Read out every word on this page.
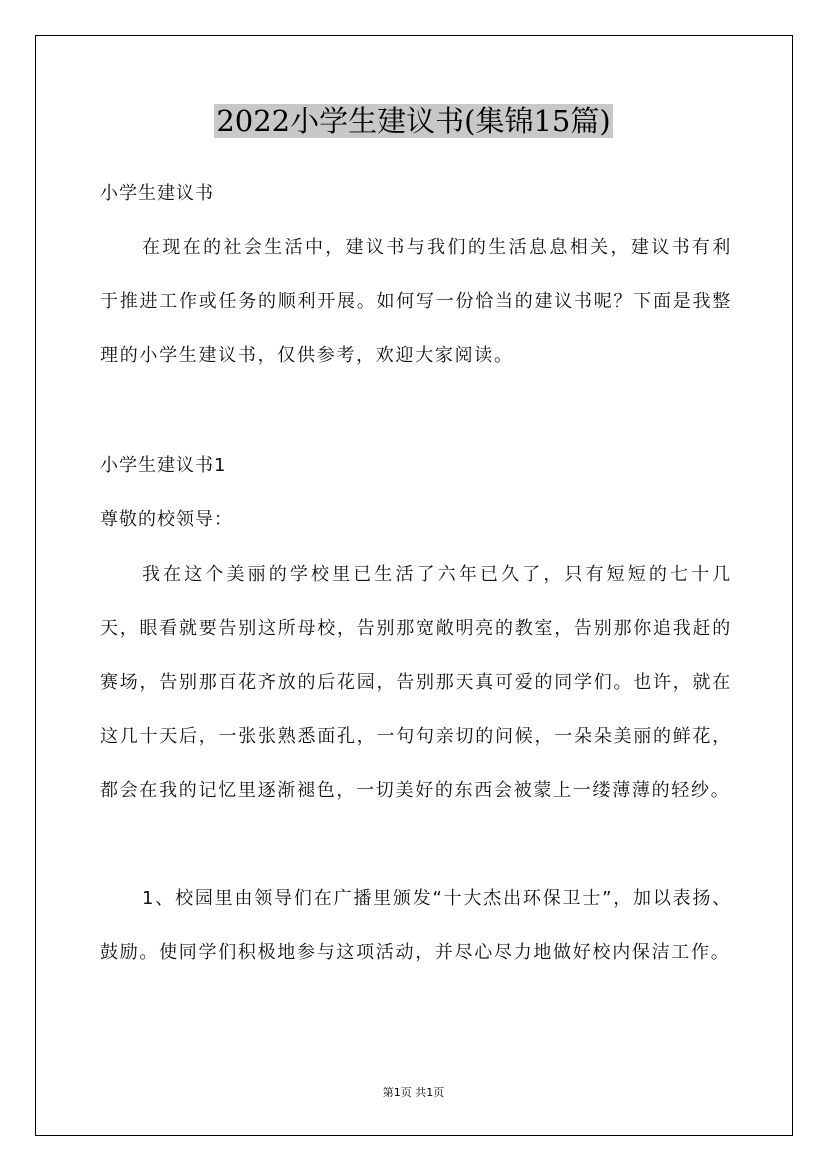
2022小学生建议书(集锦15篇)

小学生建议书

在现在的社会生活中，建议书与我们的生活息息相关，建议书有利于推进工作或任务的顺利开展。如何写一份恰当的建议书呢？下面是我整理的小学生建议书，仅供参考，欢迎大家阅读。

小学生建议书1

尊敬的校领导：

我在这个美丽的学校里已生活了六年已久了，只有短短的七十几天，眼看就要告别这所母校，告别那宽敞明亮的教室，告别那你追我赶的赛场，告别那百花齐放的后花园，告别那天真可爱的同学们。也许，就在这几十天后，一张张熟悉面孔，一句句亲切的问候，一朵朵美丽的鲜花，都会在我的记忆里逐渐褪色，一切美好的东西会被蒙上一缕薄薄的轻纱。

1、校园里由领导们在广播里颁发“十大杰出环保卫士”，加以表扬、鼓励。使同学们积极地参与这项活动，并尽心尽力地做好校内保洁工作。

第1页 共1页
